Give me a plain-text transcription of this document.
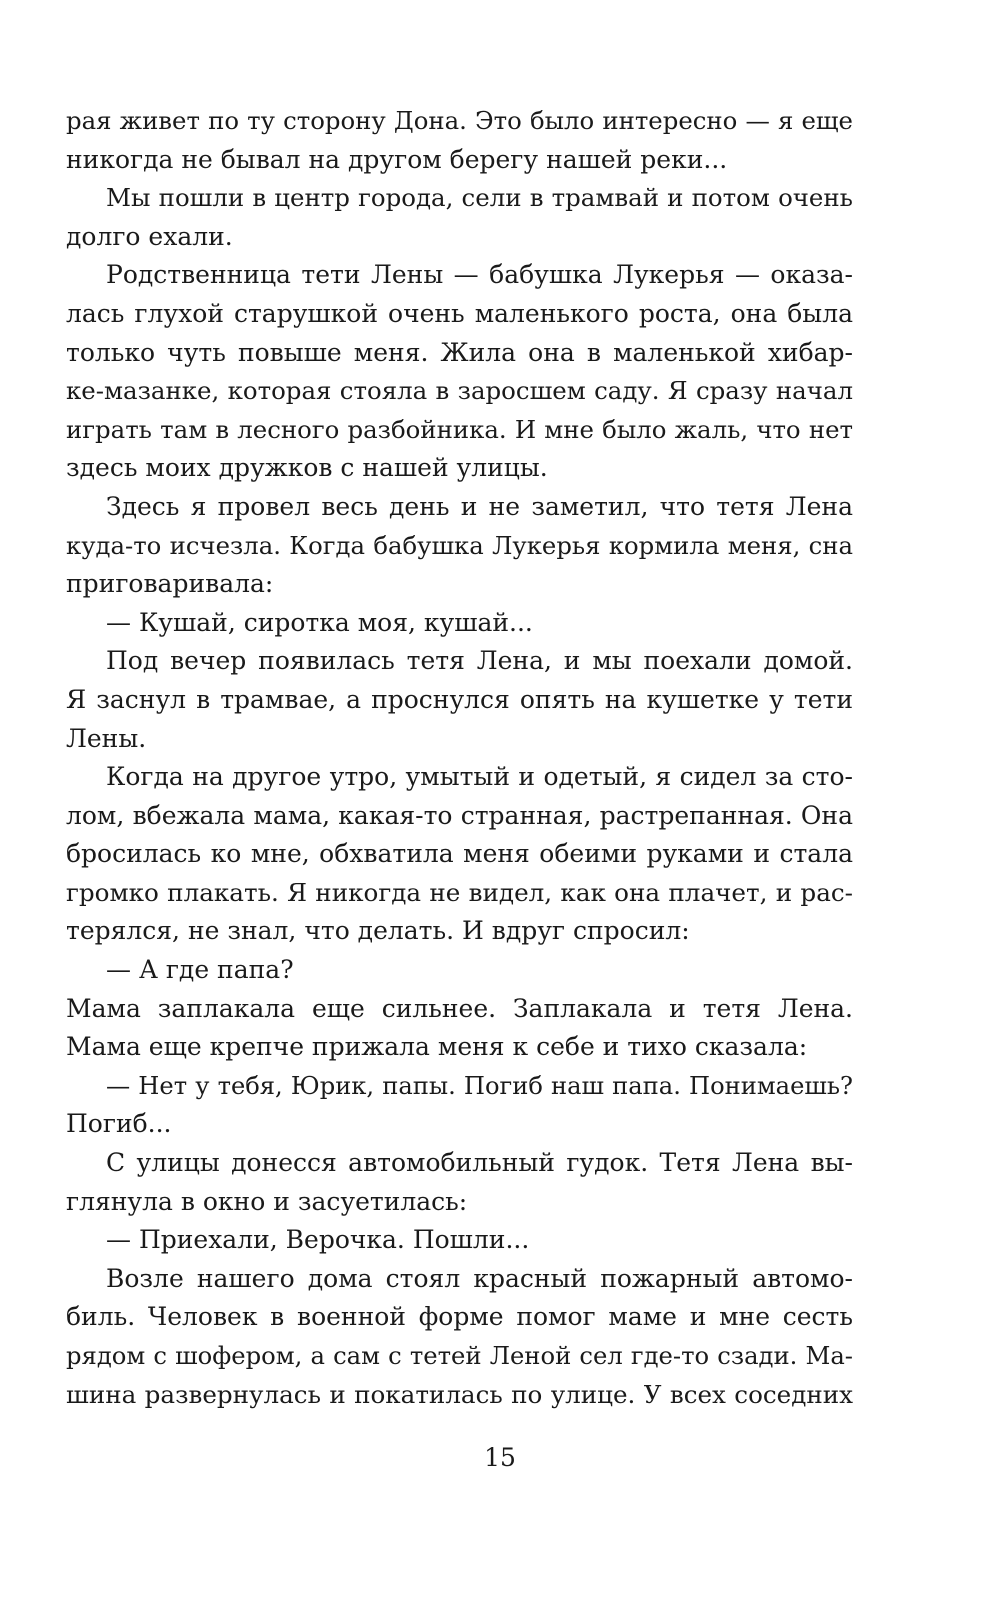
рая живет по ту сторону Дона. Это было интересно — я еще
никогда не бывал на другом берегу нашей реки...
Мы пошли в центр города, сели в трамвай и потом очень
долго ехали.
Родственница тети Лены — бабушка Лукерья — оказа-
лась глухой старушкой очень маленького роста, она была
только чуть повыше меня. Жила она в маленькой хибар-
ке-мазанке, которая стояла в заросшем саду. Я сразу начал
играть там в лесного разбойника. И мне было жаль, что нет
здесь моих дружков с нашей улицы.
Здесь я провел весь день и не заметил, что тетя Лена
куда-то исчезла. Когда бабушка Лукерья кормила меня, сна
приговаривала:
— Кушай, сиротка моя, кушай...
Под вечер появилась тетя Лена, и мы поехали домой.
Я заснул в трамвае, а проснулся опять на кушетке у тети
Лены.
Когда на другое утро, умытый и одетый, я сидел за сто-
лом, вбежала мама, какая-то странная, растрепанная. Она
бросилась ко мне, обхватила меня обеими руками и стала
громко плакать. Я никогда не видел, как она плачет, и рас-
терялся, не знал, что делать. И вдруг спросил:
— А где папа?
Мама заплакала еще сильнее. Заплакала и тетя Лена.
Мама еще крепче прижала меня к себе и тихо сказала:
— Нет у тебя, Юрик, папы. Погиб наш папа. Понимаешь?
Погиб...
С улицы донесся автомобильный гудок. Тетя Лена вы-
глянула в окно и засуетилась:
— Приехали, Верочка. Пошли...
Возле нашего дома стоял красный пожарный автомо-
биль. Человек в военной форме помог маме и мне сесть
рядом с шофером, а сам с тетей Леной сел где-то сзади. Ма-
шина развернулась и покатилась по улице. У всех соседних
15
